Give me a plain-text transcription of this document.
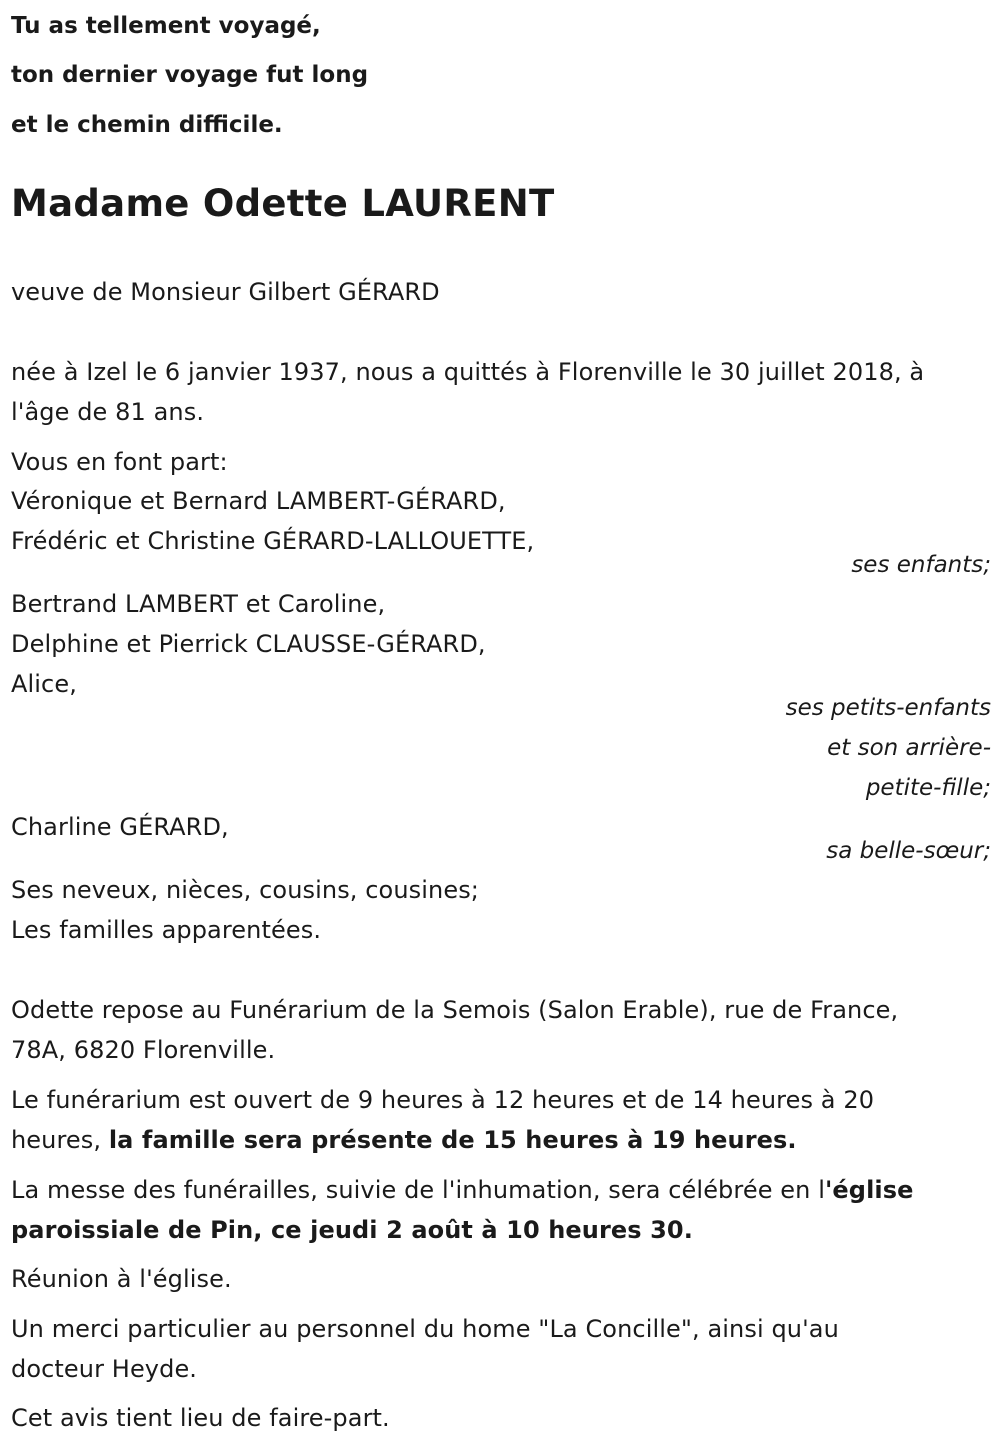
Tu as tellement voyagé,
ton dernier voyage fut long
et le chemin difficile.
Madame Odette LAURENT
veuve de Monsieur Gilbert GÉRARD
née à Izel le 6 janvier 1937, nous a quittés à Florenville le 30 juillet 2018, à
l'âge de 81 ans.
Vous en font part:
Véronique et Bernard LAMBERT-GÉRARD,
Frédéric et Christine GÉRARD-LALLOUETTE,
ses enfants;
Bertrand LAMBERT et Caroline,
Delphine et Pierrick CLAUSSE-GÉRARD,
Alice,
ses petits-enfants
et son arrière-
petite-fille;
Charline GÉRARD,
sa belle-sœur;
Ses neveux, nièces, cousins, cousines;
Les familles apparentées.
Odette repose au Funérarium de la Semois (Salon Erable), rue de France,
78A, 6820 Florenville.
Le funérarium est ouvert de 9 heures à 12 heures et de 14 heures à 20
heures, la famille sera présente de 15 heures à 19 heures.
La messe des funérailles, suivie de l'inhumation, sera célébrée en l'église
paroissiale de Pin, ce jeudi 2 août à 10 heures 30.
Réunion à l'église.
Un merci particulier au personnel du home "La Concille", ainsi qu'au
docteur Heyde.
Cet avis tient lieu de faire-part.
